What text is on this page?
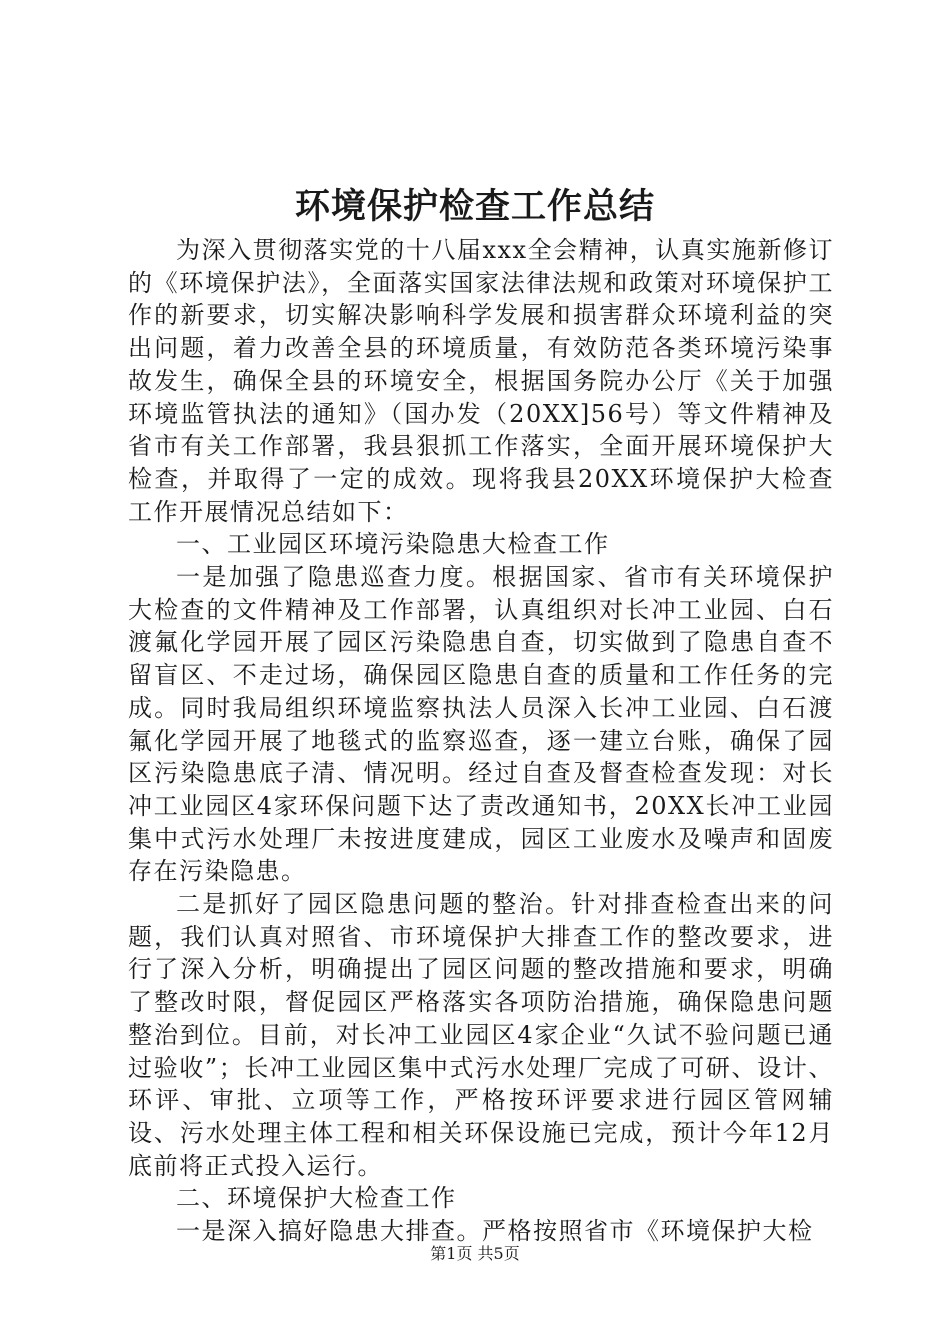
环境保护检查工作总结

为深入贯彻落实党的十八届xxx全会精神，认真实施新修订的《环境保护法》，全面落实国家法律法规和政策对环境保护工作的新要求，切实解决影响科学发展和损害群众环境利益的突出问题，着力改善全县的环境质量，有效防范各类环境污染事故发生，确保全县的环境安全，根据国务院办公厅《关于加强环境监管执法的通知》（国办发（20XX]56号）等文件精神及省市有关工作部署，我县狠抓工作落实，全面开展环境保护大检查，并取得了一定的成效。现将我县20XX环境保护大检查工作开展情况总结如下：

一、工业园区环境污染隐患大检查工作

一是加强了隐患巡查力度。根据国家、省市有关环境保护大检查的文件精神及工作部署，认真组织对长冲工业园、白石渡氟化学园开展了园区污染隐患自查，切实做到了隐患自查不留盲区、不走过场，确保园区隐患自查的质量和工作任务的完成。同时我局组织环境监察执法人员深入长冲工业园、白石渡氟化学园开展了地毯式的监察巡查，逐一建立台账，确保了园区污染隐患底子清、情况明。经过自查及督查检查发现：对长冲工业园区4家环保问题下达了责改通知书，20XX长冲工业园集中式污水处理厂未按进度建成，园区工业废水及噪声和固废存在污染隐患。

二是抓好了园区隐患问题的整治。针对排查检查出来的问题，我们认真对照省、市环境保护大排查工作的整改要求，进行了深入分析，明确提出了园区问题的整改措施和要求，明确了整改时限，督促园区严格落实各项防治措施，确保隐患问题整治到位。目前，对长冲工业园区4家企业“久试不验问题已通过验收”；长冲工业园区集中式污水处理厂完成了可研、设计、环评、审批、立项等工作，严格按环评要求进行园区管网辅设、污水处理主体工程和相关环保设施已完成，预计今年12月底前将正式投入运行。

二、环境保护大检查工作

一是深入搞好隐患大排查。严格按照省市《环境保护大检

第1页 共5页
